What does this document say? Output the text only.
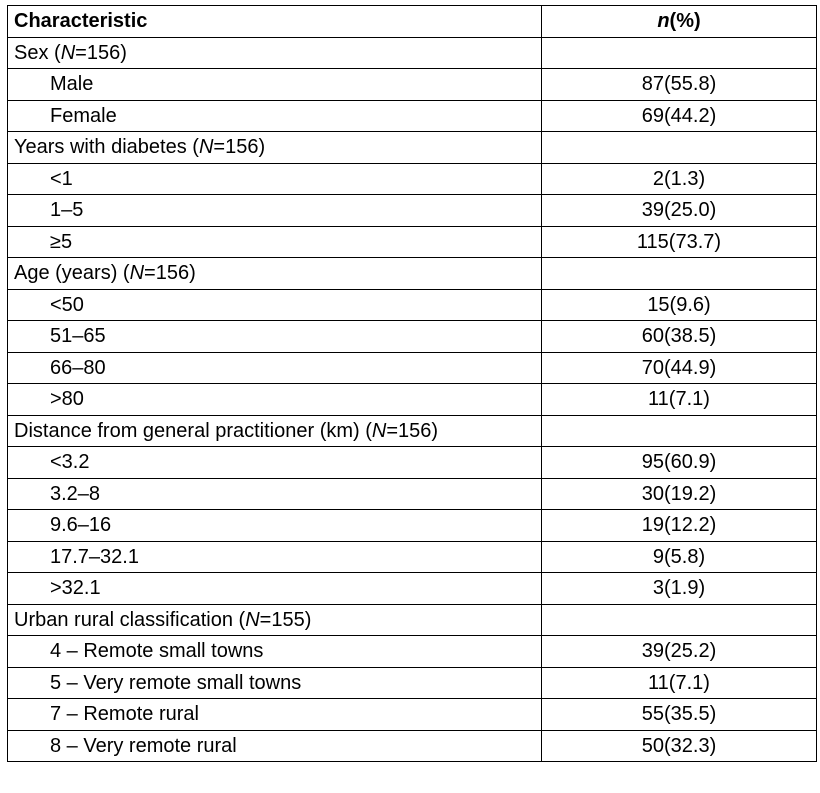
Characteristic	n(%)
Sex (N=156)	
Male	87(55.8)
Female	69(44.2)
Years with diabetes (N=156)	
<1	2(1.3)
1–5	39(25.0)
≥5	115(73.7)
Age (years) (N=156)	
<50	15(9.6)
51–65	60(38.5)
66–80	70(44.9)
>80	11(7.1)
Distance from general practitioner (km) (N=156)	
<3.2	95(60.9)
3.2–8	30(19.2)
9.6–16	19(12.2)
17.7–32.1	9(5.8)
>32.1	3(1.9)
Urban rural classification (N=155)	
4 – Remote small towns	39(25.2)
5 – Very remote small towns	11(7.1)
7 – Remote rural	55(35.5)
8 – Very remote rural	50(32.3)
